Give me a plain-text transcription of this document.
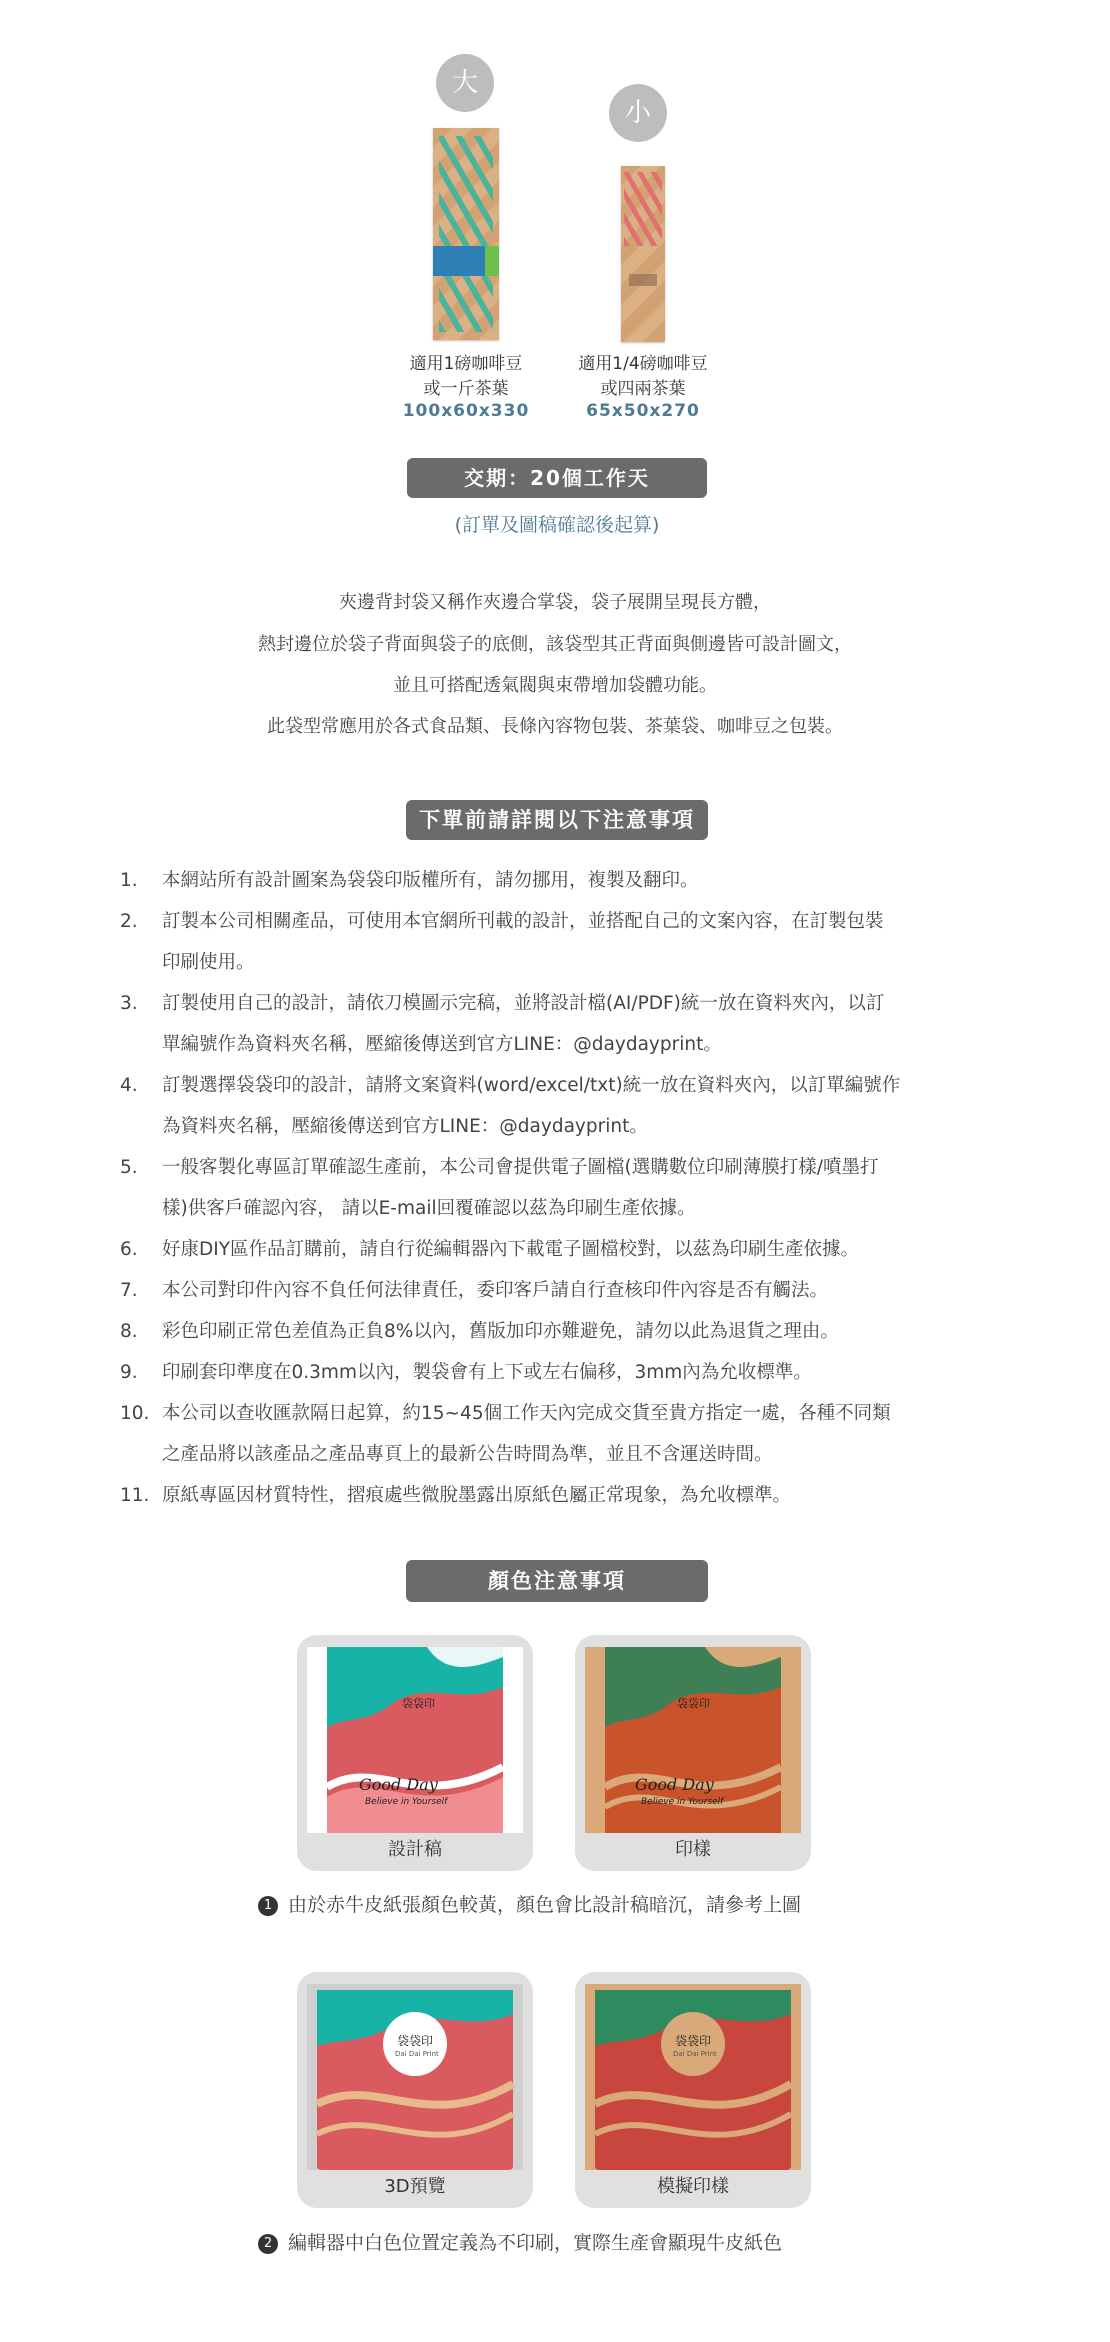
大
小
適用1磅咖啡豆
或一斤茶葉
100x60x330
適用1/4磅咖啡豆
或四兩茶葉
65x50x270
交期：20個工作天
(訂單及圖稿確認後起算)
夾邊背封袋又稱作夾邊合掌袋，袋子展開呈現長方體，
熱封邊位於袋子背面與袋子的底側，該袋型其正背面與側邊皆可設計圖文，
並且可搭配透氣閥與束帶增加袋體功能。
此袋型常應用於各式食品類、長條內容物包裝、茶葉袋、咖啡豆之包裝。
下單前請詳閱以下注意事項
1.	本網站所有設計圖案為袋袋印版權所有，請勿挪用，複製及翻印。
2.	訂製本公司相關產品，可使用本官網所刊載的設計，並搭配自己的文案內容，在訂製包裝
印刷使用。
3.	訂製使用自己的設計，請依刀模圖示完稿，並將設計檔(AI/PDF)統一放在資料夾內，以訂
單編號作為資料夾名稱，壓縮後傳送到官方LINE：@daydayprint。
4.	訂製選擇袋袋印的設計，請將文案資料(word/excel/txt)統一放在資料夾內，以訂單編號作
為資料夾名稱，壓縮後傳送到官方LINE：@daydayprint。
5.	一般客製化專區訂單確認生產前，本公司會提供電子圖檔(選購數位印刷薄膜打樣/噴墨打
樣)供客戶確認內容， 請以E-mail回覆確認以茲為印刷生產依據。
6.	好康DIY區作品訂購前，請自行從編輯器內下載電子圖檔校對，以茲為印刷生產依據。
7.	本公司對印件內容不負任何法律責任，委印客戶請自行查核印件內容是否有觸法。
8.	彩色印刷正常色差值為正負8%以內，舊版加印亦難避免，請勿以此為退貨之理由。
9.	印刷套印準度在0.3mm以內，製袋會有上下或左右偏移，3mm內為允收標準。
10. 本公司以查收匯款隔日起算，約15~45個工作天內完成交貨至貴方指定一處，各種不同類
之產品將以該產品之產品專頁上的最新公告時間為準，並且不含運送時間。
11. 原紙專區因材質特性，摺痕處些微脫墨露出原紙色屬正常現象，為允收標準。
顏色注意事項
袋袋印
Good Day
Believe in Yourself
設計稿
袋袋印
Good Day
Believe in Yourself
印樣
1 由於赤牛皮紙張顏色較黃，顏色會比設計稿暗沉，請參考上圖
袋袋印
Dai Dai Print
3D預覽
袋袋印
Dai Dai Print
模擬印樣
2 編輯器中白色位置定義為不印刷，實際生產會顯現牛皮紙色
